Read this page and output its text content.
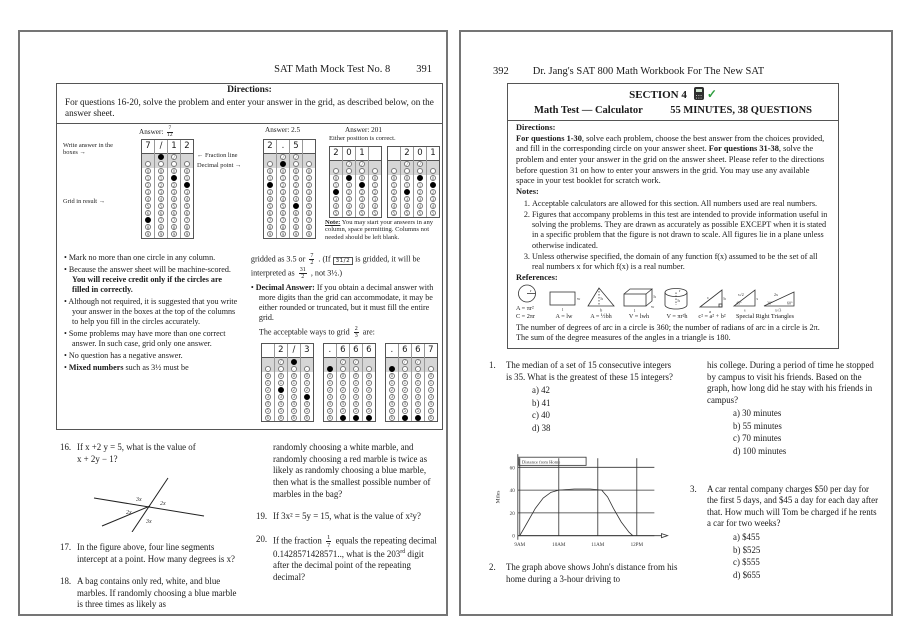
SAT Math Mock Test No. 8 391
Directions:
For questions 16-20, solve the problem and enter your answer in the grid, as described below, on the answer sheet.
Answer: $\frac{7}{12}$
7
.
0
1
2
3
4
5
6
8
9
/
.
0
1
2
3
4
5
6
7
8
9
1
/
.
0
2
3
4
5
6
7
8
9
2
.
0
1
3
4
5
6
7
8
9
Write answer in the boxes →
Grid in result →
← Fraction line
Decimal point →
Answer: 2.5
2
.
0
1
3
4
5
6
7
8
9
.
/
0
1
2
3
4
5
6
7
8
9
5
/
.
0
1
2
3
4
6
7
8
9
.
0
1
2
3
4
5
6
7
8
9
Answer: 201
Either position is correct.
2
.
0
1
3
4
5
0
/
.
1
2
3
4
5
1
/
.
0
2
3
4
5
.
0
1
2
3
4
5
.
0
1
2
3
4
5
2
/
.
0
1
3
4
5
0
/
.
1
2
3
4
5
1
.
0
2
3
4
5
Note: You may start your answers in any column, space permitting. Columns not needed should be left blank.
• Mark no more than one circle in any column.
• Because the answer sheet will be machine-scored. You will receive credit only if the circles are filled in correctly.
• Although not required, it is suggested that you write your answer in the boxes at the top of the columns to help you fill in the circles accurately.
• Some problems may have more than one correct answer. In such case, grid only one answer.
• No question has a negative answer.
• Mixed numbers such as 3½ must be
gridded as 3.5 or $\frac{7}{2}$ . (If 31/2 is gridded, it will be interpreted as $\frac{31}{2}$ , not 3½.)
• Decimal Answer: If you obtain a decimal answer with more digits than the grid can accommodate, it may be either rounded or truncated, but it must fill the entire grid.
The acceptable ways to grid $\frac{2}{3}$ are:
.
0
1
2
3
4
5
6
2
/
.
0
1
3
4
5
6
/
.
0
1
2
3
4
5
6
3
.
0
1
2
4
5
6
.
0
1
2
3
4
5
6
6
/
.
0
1
2
3
4
5
6
/
.
0
1
2
3
4
5
6
.
0
1
2
3
4
5
.
0
1
2
3
4
5
6
6
/
.
0
1
2
3
4
5
6
/
.
0
1
2
3
4
5
7
.
0
1
2
3
4
5
6
16. If x +2 y = 5, what is the value of
x + 2y − 1?
3x
2x
2x
3x
17. In the figure above, four line segments intercept at a point. How many degrees is x?
18. A bag contains only red, white, and blue marbles. If randomly choosing a blue marble is three times as likely as
randomly choosing a white marble, and randomly choosing a red marble is twice as likely as randomly choosing a blue marble, then what is the smallest possible number of marbles in the bag?
19. If 3x² = 5y = 15, what is the value of x²y?
20. If the fraction $\frac{1}{7}$ equals the repeating decimal 0.1428571428571.., what is the 203rd digit after the decimal point of the repeating decimal?
392 Dr. Jang's SAT 800 Math Workbook For The New SAT
SECTION 4 ✓
Math Test — Calculator	55 MINUTES, 38 QUESTIONS
Directions:
For questions 1-30, solve each problem, choose the best answer from the choices provided, and fill in the corresponding circle on your answer sheet. For questions 31-38, solve the problem and enter your answer in the grid on the answer sheet. Please refer to the directions before question 31 on how to enter your answers in the grid. You may use any available space in your test booklet for scratch work.
Notes:
1. Acceptable calculators are allowed for this section. All numbers used are real numbers.
2. Figures that accompany problems in this test are intended to provide information useful in solving the problems. They are drawn as accurately as possible EXCEPT when it is stated in a specific problem that the figure is not drawn to scale. All figures lie in a plane unless otherwise indicated.
3. Unless otherwise specified, the domain of any function f(x) assumed to be the set of all real numbers x for which f(x) is a real number.
References:
r
A = πr²
C = 2πr
l
w
A = lw
h
b
A = ½bh
l
w
h
V = lwh
r
h
V = πr²h
a
b
c
c² = a² + b²
45°
s√2
s
s
30°	60°
2x
x√3
Special Right Triangles
The number of degrees of arc in a circle is 360; the number of radians of arc in a circle is 2π.
The sum of the degree measures of the angles in a triangle is 180.
1.	The median of a set of 15 consecutive integers is 35. What is the greatest of these 15 integers?
a) 42
b) 41
c) 40
d) 38
0
20
40
60
9AM	10AM	11AM	12PM
Miles
Distance from Home
2.	The graph above shows John's distance from his home during a 3-hour driving to
his college. During a period of time he stopped by campus to visit his friends. Based on the graph, how long did he stay with his friends in campus?
a) 30 minutes
b) 55 minutes
c) 70 minutes
d) 100 minutes
3.	A car rental company charges $50 per day for the first 5 days, and $45 a day for each day after that. How much will Tom be charged if he rents a car for two weeks?
a) $455
b) $525
c) $555
d) $655
